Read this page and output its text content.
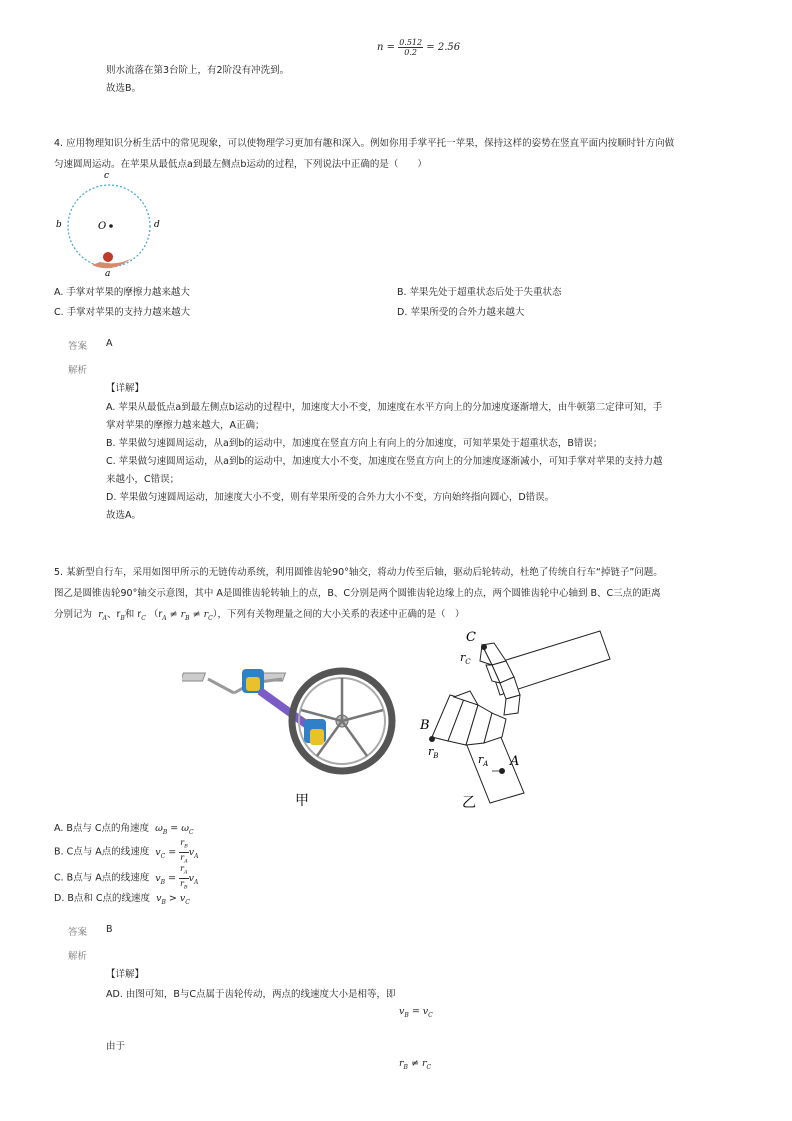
$n = \frac{0.512}{0.2} = 2.56$
则水流落在第3台阶上，有2阶没有冲洗到。
故选B。
4. 应用物理知识分析生活中的常见现象，可以使物理学习更加有趣和深入。例如你用手掌平托一苹果，保持这样的姿势在竖直平面内按顺时针方向做
匀速圆周运动。在苹果从最低点a到最左侧点b运动的过程，下列说法中正确的是（　　）
c
b	d
O
a
A. 手掌对苹果的摩擦力越来越大	B. 苹果先处于超重状态后处于失重状态
C. 手掌对苹果的支持力越来越大	D. 苹果所受的合外力越来越大
答案 A
解析
【详解】
A. 苹果从最低点a到最左侧点b运动的过程中，加速度大小不变，加速度在水平方向上的分加速度逐渐增大，由牛顿第二定律可知，手
掌对苹果的摩擦力越来越大，A正确；
B. 苹果做匀速圆周运动，从a到b的运动中，加速度在竖直方向上有向上的分加速度，可知苹果处于超重状态，B错误；
C. 苹果做匀速圆周运动，从a到b的运动中，加速度大小不变，加速度在竖直方向上的分加速度逐渐减小，可知手掌对苹果的支持力越
来越小，C错误；
D. 苹果做匀速圆周运动，加速度大小不变，则有苹果所受的合外力大小不变，方向始终指向圆心，D错误。
故选A。
5. 某新型自行车，采用如图甲所示的无链传动系统，利用圆锥齿轮90°轴交，将动力传至后轴，驱动后轮转动，杜绝了传统自行车“掉链子”问题。
图乙是圆锥齿轮90°轴交示意图，其中 A是圆锥齿轮转轴上的点，B、C分别是两个圆锥齿轮边缘上的点，两个圆锥齿轮中心轴到 B、C三点的距离
分别记为 $r_A$、$r_B$和 $r_C$ $(r_A \ne r_B \ne r_C)$，下列有关物理量之间的大小关系的表述中正确的是（　）
甲
C
$r_C$
B
$r_B$	$r_A$ A
乙
A. B点与 C点的角速度 $\omega_B = \omega_C$
B. C点与 A点的线速度  $v_C = \frac{r_B}{r_A} v_A$
C. B点与 A点的线速度  $v_B = \frac{r_A}{r_B} v_A$
D. B点和 C点的线速度  $v_B > v_C$
答案 B
解析
【详解】
AD. 由图可知，B与C点属于齿轮传动，两点的线速度大小是相等，即
$v_B = v_C$
由于
$r_B \ne r_C$
